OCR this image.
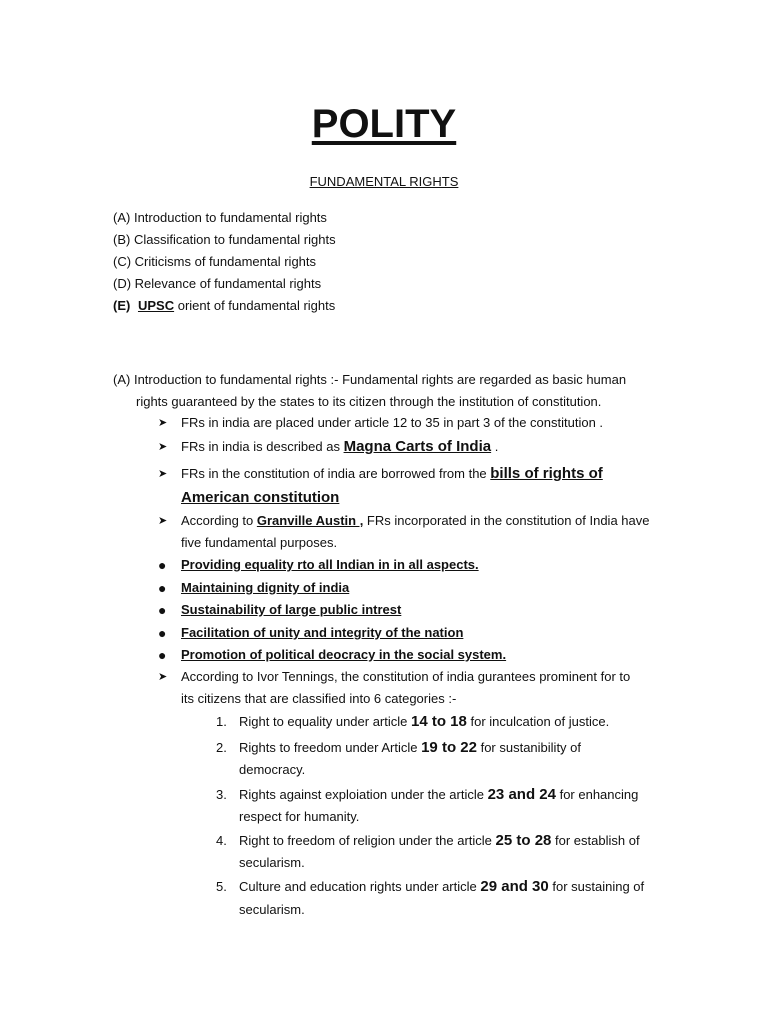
POLITY
FUNDAMENTAL RIGHTS
(A) Introduction to fundamental rights
(B) Classification to fundamental rights
(C) Criticisms of fundamental rights
(D) Relevance of fundamental rights
(E) UPSC orient of fundamental rights
(A) Introduction to fundamental rights :- Fundamental rights are regarded as basic human
rights guaranteed by the states to its citizen through the institution of constitution.
➤ FRs in india are placed under article 12 to 35 in part 3 of the constitution .
➤ FRs in india is described as Magna Carts of India .
➤ FRs in the constitution of india are borrowed from the bills of rights of
American constitution
➤ According to Granville Austin , FRs incorporated in the constitution of India have
five fundamental purposes.
● Providing equality rto all Indian in in all aspects.
● Maintaining dignity of india
● Sustainability of large public intrest
● Facilitation of unity and integrity of the nation
● Promotion of political deocracy in the social system.
➤ According to Ivor Tennings, the constitution of india gurantees prominent for to
its citizens that are classified into 6 categories :-
1. Right to equality under article 14 to 18 for inculcation of justice.
2. Rights to freedom under Article 19 to 22 for sustanibility of
democracy.
3. Rights against exploiation under the article 23 and 24 for enhancing
respect for humanity.
4. Right to freedom of religion under the article 25 to 28 for establish of
secularism.
5. Culture and education rights under article 29 and 30 for sustaining of
secularism.
